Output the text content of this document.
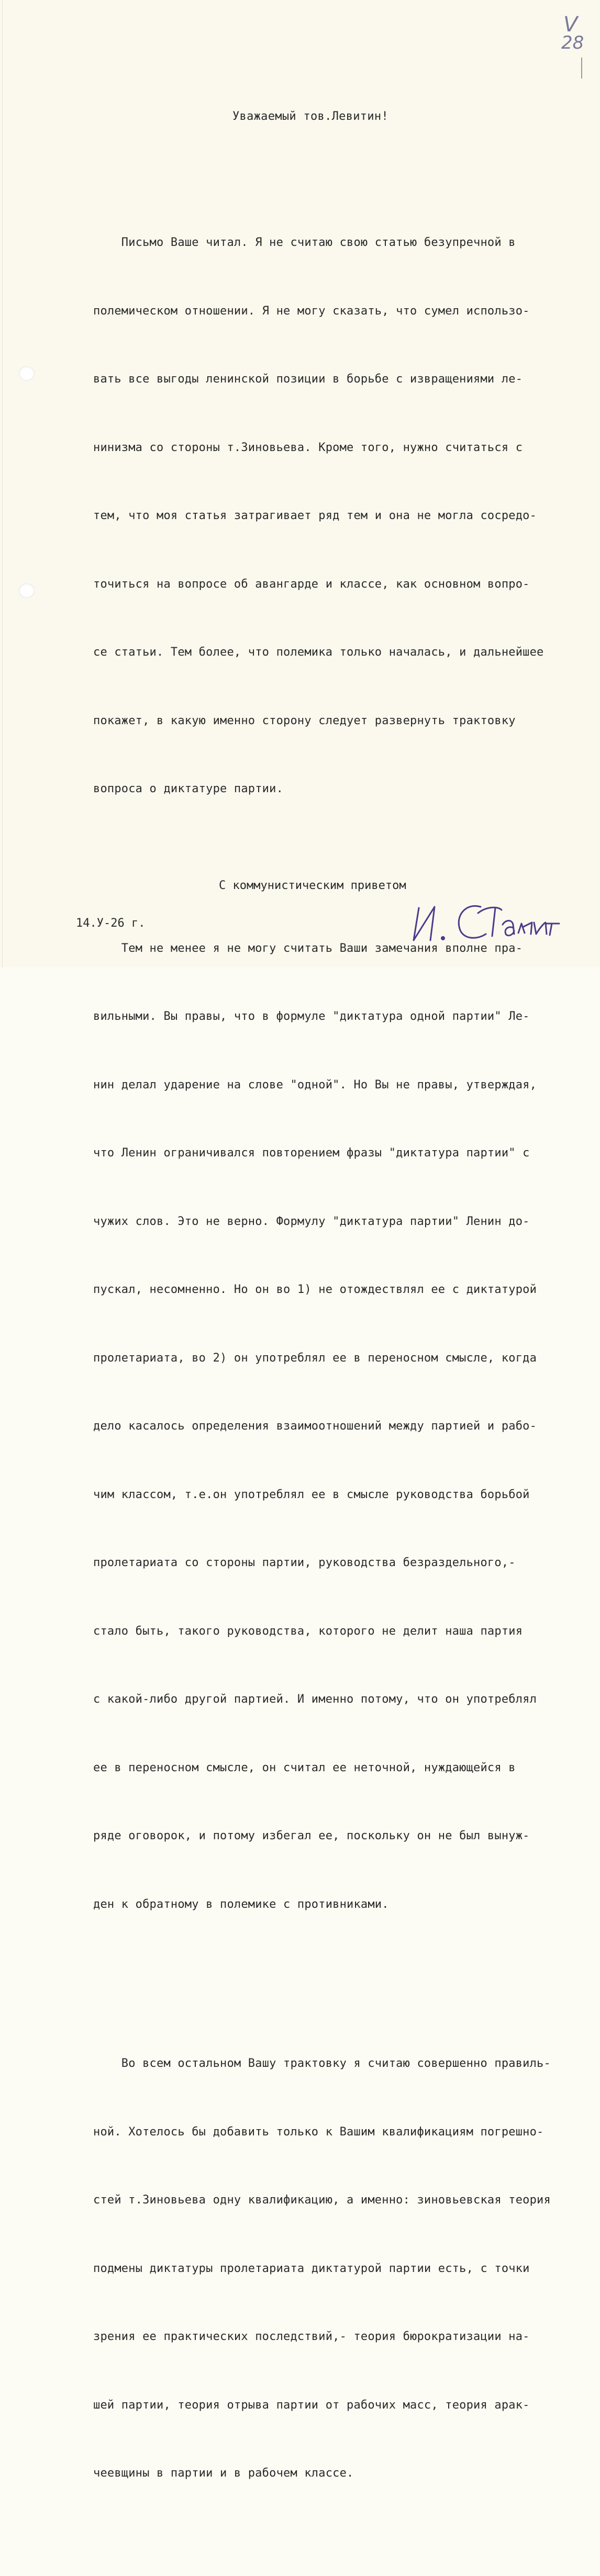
V
28
Уважаемый тов.Левитин!

Письмо Ваше читал. Я не считаю свою статью безупречной в

полемическом отношении. Я не могу сказать, что сумел использо-

вать все выгоды ленинской позиции в борьбе с извращениями ле-

нинизма со стороны т.Зиновьева. Кроме того, нужно считаться с

тем, что моя статья затрагивает ряд тем и она не могла сосредо-

точиться на вопросе об авангарде и классе, как основном вопро-

се статьи. Тем более, что полемика только началась, и дальнейшее

покажет, в какую именно сторону следует развернуть трактовку

вопроса о диктатуре партии.

Тем не менее я не могу считать Ваши замечания вполне пра-

вильными. Вы правы, что в формуле "диктатура одной партии" Ле-

нин делал ударение на слове "одной". Но Вы не правы, утверждая,

что Ленин ограничивался повторением фразы "диктатура партии" с

чужих слов. Это не верно. Формулу "диктатура партии" Ленин до-

пускал, несомненно. Но он во 1) не отождествлял ее с диктатурой

пролетариата, во 2) он употреблял ее в переносном смысле, когда

дело касалось определения взаимоотношений между партией и рабо-

чим классом, т.е.он употреблял ее в смысле руководства борьбой

пролетариата со стороны партии, руководства безраздельного,-

стало быть, такого руководства, которого не делит наша партия

с какой-либо другой партией. И именно потому, что он употреблял

ее в переносном смысле, он считал ее неточной, нуждающейся в

ряде оговорок, и потому избегал ее, поскольку он не был вынуж-

ден к обратному в полемике с противниками.

Во всем остальном Вашу трактовку я считаю совершенно правиль-

ной. Хотелось бы добавить только к Вашим квалификациям погрешно-

стей т.Зиновьева одну квалификацию, а именно: зиновьевская теория

подмены диктатуры пролетариата диктатурой партии есть, с точки

зрения ее практических последствий,- теория бюрократизации на-

шей партии, теория отрыва партии от рабочих масс, теория арак-

чеевщины в партии и в рабочем классе.

С коммунистическим приветом
14.У-26 г.
